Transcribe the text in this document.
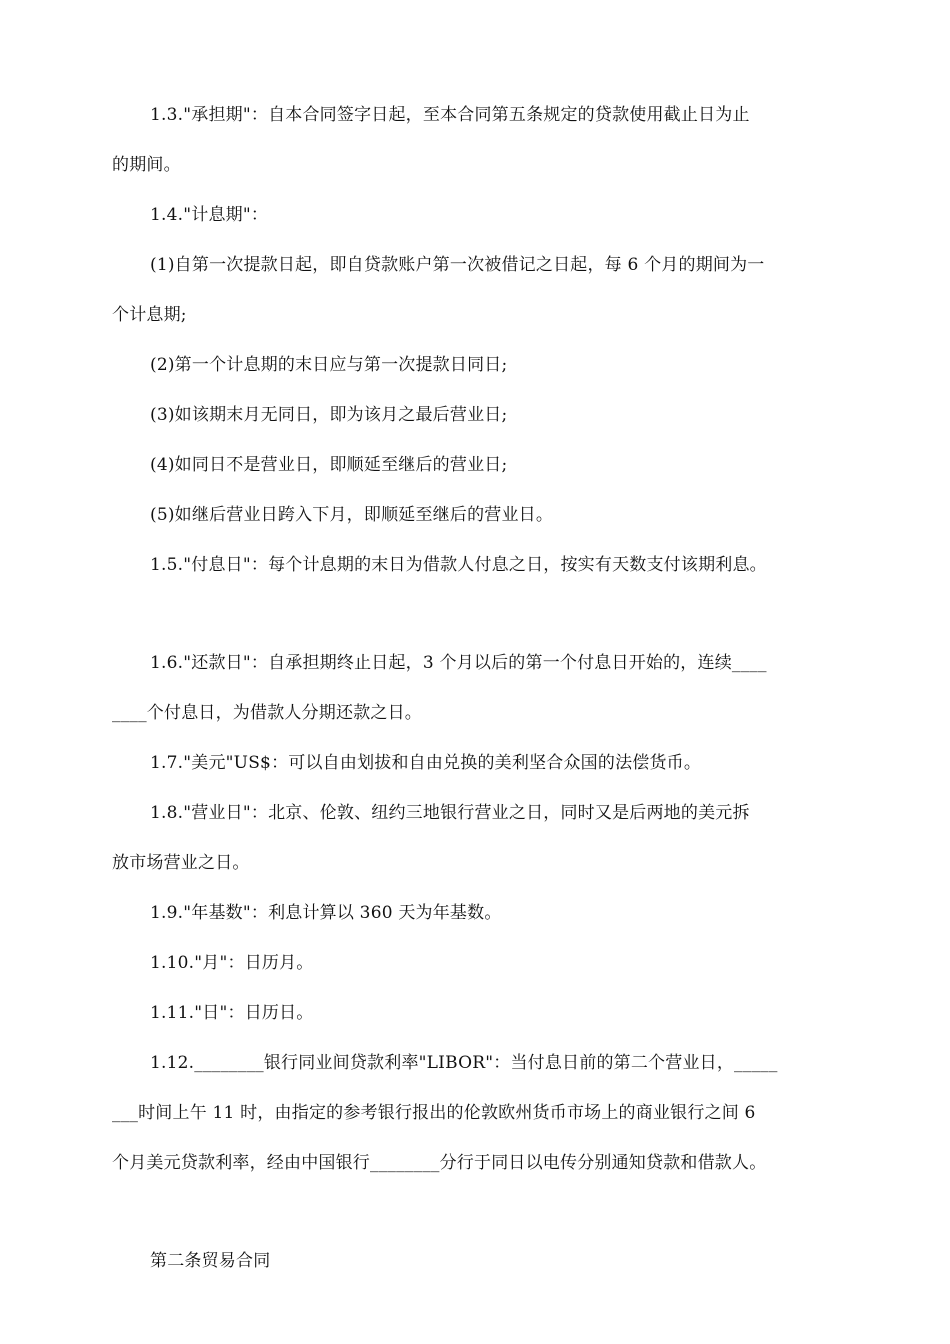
1.3."承担期"：自本合同签字日起，至本合同第五条规定的贷款使用截止日为止
的期间。
1.4."计息期"：
(1)自第一次提款日起，即自贷款账户第一次被借记之日起，每 6 个月的期间为一
个计息期;
(2)第一个计息期的末日应与第一次提款日同日;
(3)如该期末月无同日，即为该月之最后营业日;
(4)如同日不是营业日，即顺延至继后的营业日;
(5)如继后营业日跨入下月，即顺延至继后的营业日。
1.5."付息日"：每个计息期的末日为借款人付息之日，按实有天数支付该期利息。
1.6."还款日"：自承担期终止日起，3 个月以后的第一个付息日开始的，连续____
____个付息日，为借款人分期还款之日。
1.7."美元"US$：可以自由划拔和自由兑换的美利坚合众国的法偿货币。
1.8."营业日"：北京、伦敦、纽约三地银行营业之日，同时又是后两地的美元拆
放市场营业之日。
1.9."年基数"：利息计算以 360 天为年基数。
1.10."月"：日历月。
1.11."日"：日历日。
1.12.________银行同业间贷款利率"LIBOR"：当付息日前的第二个营业日，_____
___时间上午 11 时，由指定的参考银行报出的伦敦欧州货币市场上的商业银行之间 6
个月美元贷款利率，经由中国银行________分行于同日以电传分别通知贷款和借款人。
第二条贸易合同
